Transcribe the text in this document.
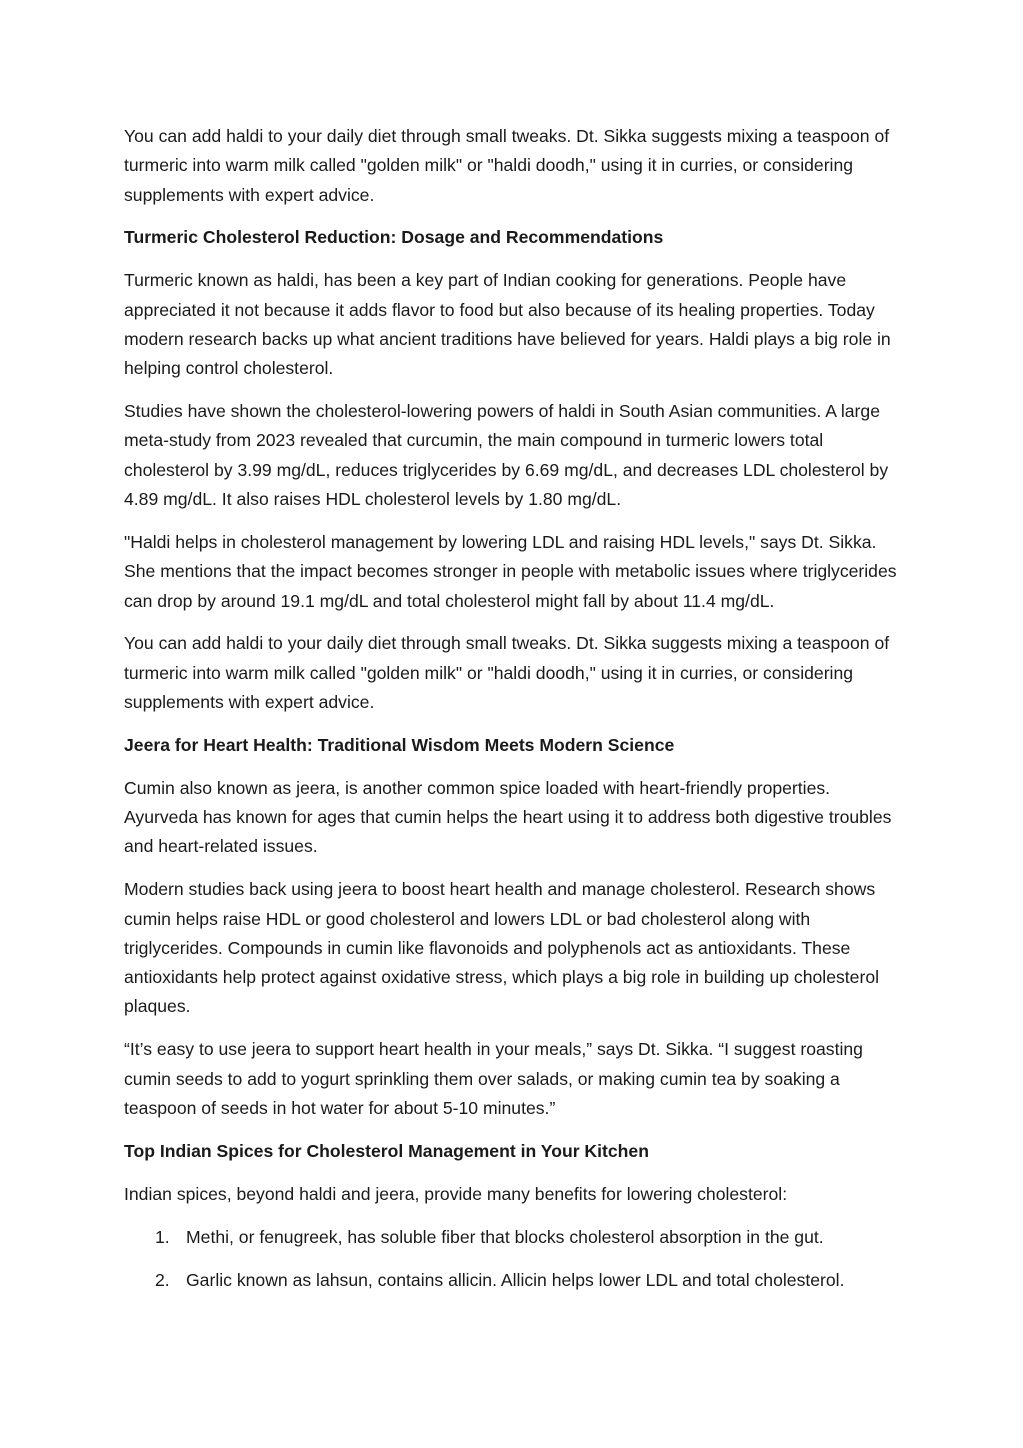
You can add haldi to your daily diet through small tweaks. Dt. Sikka suggests mixing a teaspoon of turmeric into warm milk called "golden milk" or "haldi doodh," using it in curries, or considering supplements with expert advice.

Turmeric Cholesterol Reduction: Dosage and Recommendations

Turmeric known as haldi, has been a key part of Indian cooking for generations. People have appreciated it not because it adds flavor to food but also because of its healing properties. Today modern research backs up what ancient traditions have believed for years. Haldi plays a big role in helping control cholesterol.

Studies have shown the cholesterol-lowering powers of haldi in South Asian communities. A large meta-study from 2023 revealed that curcumin, the main compound in turmeric lowers total cholesterol by 3.99 mg/dL, reduces triglycerides by 6.69 mg/dL, and decreases LDL cholesterol by 4.89 mg/dL. It also raises HDL cholesterol levels by 1.80 mg/dL.

"Haldi helps in cholesterol management by lowering LDL and raising HDL levels," says Dt. Sikka. She mentions that the impact becomes stronger in people with metabolic issues where triglycerides can drop by around 19.1 mg/dL and total cholesterol might fall by about 11.4 mg/dL.

You can add haldi to your daily diet through small tweaks. Dt. Sikka suggests mixing a teaspoon of turmeric into warm milk called "golden milk" or "haldi doodh," using it in curries, or considering supplements with expert advice.

Jeera for Heart Health: Traditional Wisdom Meets Modern Science

Cumin also known as jeera, is another common spice loaded with heart-friendly properties. Ayurveda has known for ages that cumin helps the heart using it to address both digestive troubles and heart-related issues.

Modern studies back using jeera to boost heart health and manage cholesterol. Research shows cumin helps raise HDL or good cholesterol and lowers LDL or bad cholesterol along with triglycerides. Compounds in cumin like flavonoids and polyphenols act as antioxidants. These antioxidants help protect against oxidative stress, which plays a big role in building up cholesterol plaques.

“It’s easy to use jeera to support heart health in your meals,” says Dt. Sikka. “I suggest roasting cumin seeds to add to yogurt sprinkling them over salads, or making cumin tea by soaking a teaspoon of seeds in hot water for about 5-10 minutes.”

Top Indian Spices for Cholesterol Management in Your Kitchen

Indian spices, beyond haldi and jeera, provide many benefits for lowering cholesterol:

1. Methi, or fenugreek, has soluble fiber that blocks cholesterol absorption in the gut.
2. Garlic known as lahsun, contains allicin. Allicin helps lower LDL and total cholesterol.
